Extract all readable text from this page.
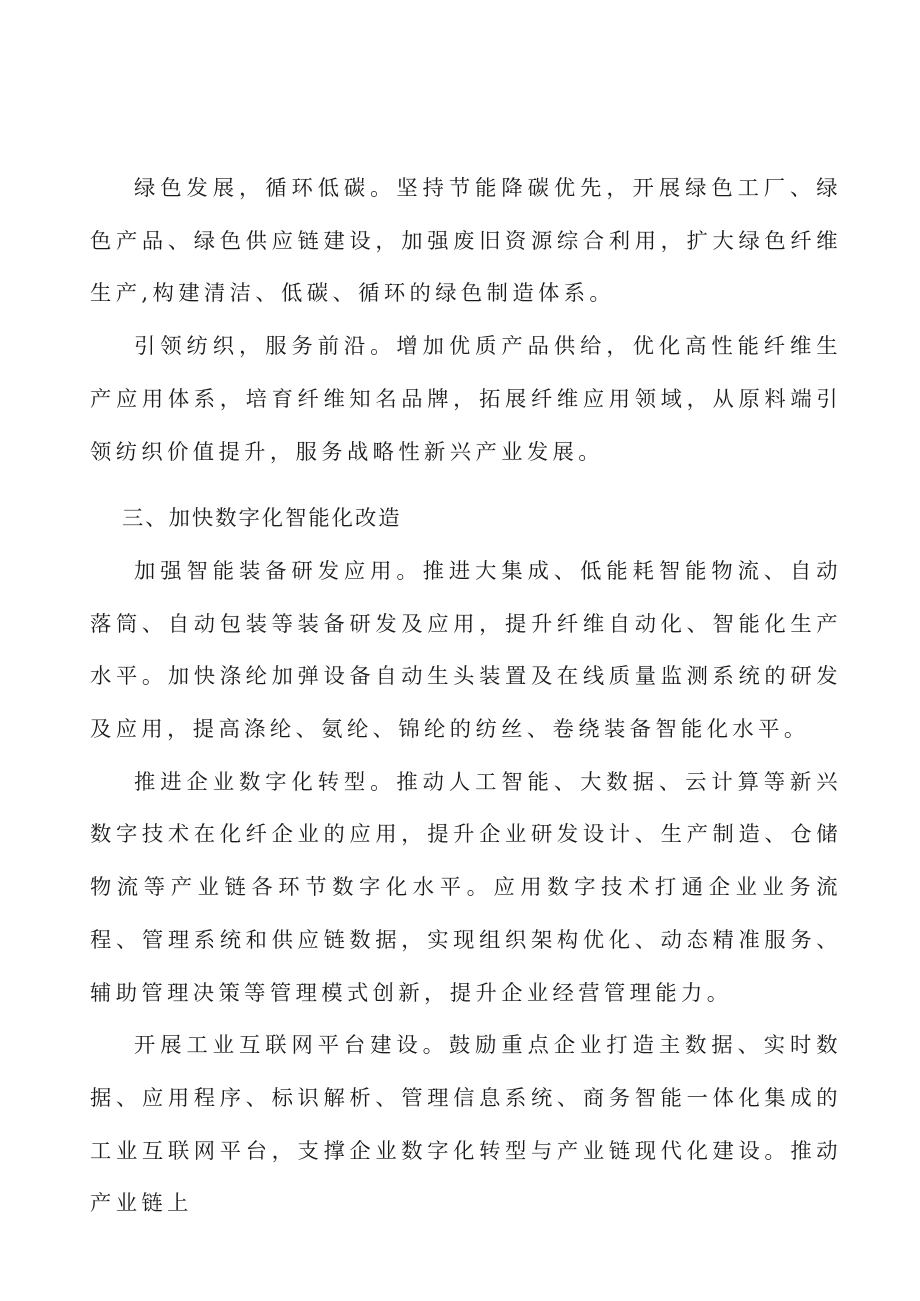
绿色发展，循环低碳。坚持节能降碳优先，开展绿色工厂、绿色产品、绿色供应链建设，加强废旧资源综合利用，扩大绿色纤维生产,构建清洁、低碳、循环的绿色制造体系。

引领纺织，服务前沿。增加优质产品供给，优化高性能纤维生产应用体系，培育纤维知名品牌，拓展纤维应用领域，从原料端引领纺织价值提升，服务战略性新兴产业发展。

三、加快数字化智能化改造

加强智能装备研发应用。推进大集成、低能耗智能物流、自动落筒、自动包装等装备研发及应用，提升纤维自动化、智能化生产水平。加快涤纶加弹设备自动生头装置及在线质量监测系统的研发及应用，提高涤纶、氨纶、锦纶的纺丝、卷绕装备智能化水平。

推进企业数字化转型。推动人工智能、大数据、云计算等新兴数字技术在化纤企业的应用，提升企业研发设计、生产制造、仓储物流等产业链各环节数字化水平。应用数字技术打通企业业务流程、管理系统和供应链数据，实现组织架构优化、动态精准服务、辅助管理决策等管理模式创新，提升企业经营管理能力。

开展工业互联网平台建设。鼓励重点企业打造主数据、实时数据、应用程序、标识解析、管理信息系统、商务智能一体化集成的工业互联网平台，支撑企业数字化转型与产业链现代化建设。推动产业链上
